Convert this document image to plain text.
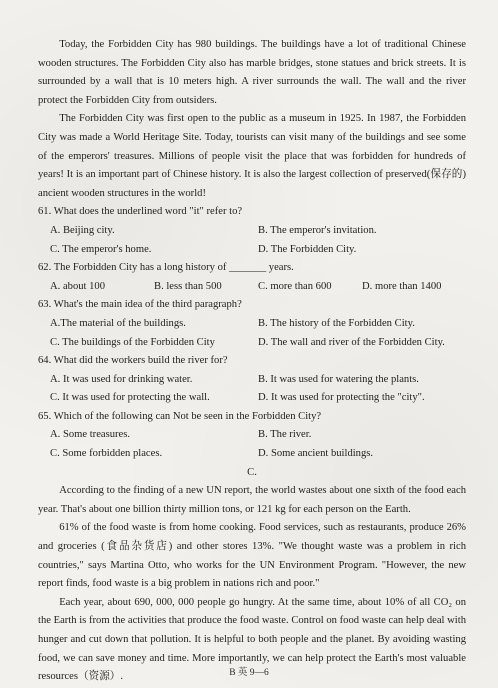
Today, the Forbidden City has 980 buildings. The buildings have a lot of traditional Chinese wooden structures. The Forbidden City also has marble bridges, stone statues and brick streets. It is surrounded by a wall that is 10 meters high. A river surrounds the wall. The wall and the river protect the Forbidden City from outsiders.

The Forbidden City was first open to the public as a museum in 1925. In 1987, the Forbidden City was made a World Heritage Site. Today, tourists can visit many of the buildings and see some of the emperors' treasures. Millions of people visit the place that was forbidden for hundreds of years! It is an important part of Chinese history. It is also the largest collection of preserved(保存的) ancient wooden structures in the world!

61. What does the underlined word "it" refer to?
A. Beijing city.	B. The emperor's invitation.
C. The emperor's home.	D. The Forbidden City.
62. The Forbidden City has a long history of _______ years.
A. about 100	B. less than 500	C. more than 600	D. more than 1400
63. What's the main idea of the third paragraph?
A.The material of the buildings.	B. The history of the Forbidden City.
C. The buildings of the Forbidden City	D. The wall and river of the Forbidden City.
64. What did the workers build the river for?
A. It was used for drinking water.	B. It was used for watering the plants.
C. It was used for protecting the wall.	D. It was used for protecting the "city".
65. Which of the following can Not be seen in the Forbidden City?
A. Some treasures.	B. The river.
C. Some forbidden places.	D. Some ancient buildings.
C.

According to the finding of a new UN report, the world wastes about one sixth of the food each year. That's about one billion thirty million tons, or 121 kg for each person on the Earth.

61% of the food waste is from home cooking. Food services, such as restaurants, produce 26% and groceries (食品杂货店) and other stores 13%. "We thought waste was a problem in rich countries," says Martina Otto, who works for the UN Environment Program. "However, the new report finds, food waste is a big problem in nations rich and poor."

Each year, about 690, 000, 000 people go hungry. At the same time, about 10% of all CO₂ on the Earth is from the activities that produce the food waste. Control on food waste can help deal with hunger and cut down that pollution. It is helpful to both people and the planet. By avoiding wasting food, we can save money and time. More importantly, we can help protect the Earth's most valuable resources（资源）.	B 英 9—6
